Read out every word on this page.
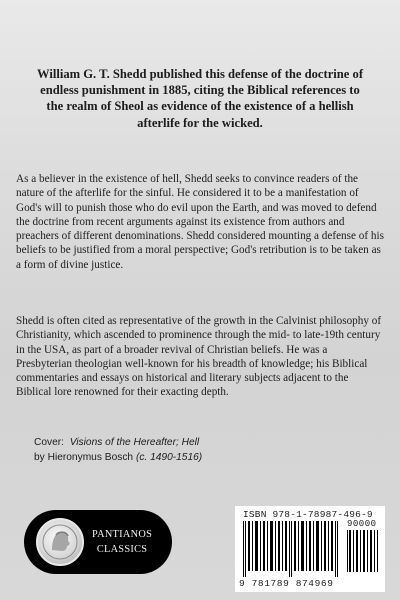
William G. T. Shedd published this defense of the doctrine of endless punishment in 1885, citing the Biblical references to the realm of Sheol as evidence of the existence of a hellish afterlife for the wicked.

As a believer in the existence of hell, Shedd seeks to convince readers of the nature of the afterlife for the sinful. He considered it to be a manifestation of God's will to punish those who do evil upon the Earth, and was moved to defend the doctrine from recent arguments against its existence from authors and preachers of different denominations. Shedd considered mounting a defense of his beliefs to be justified from a moral perspective; God's retribution is to be taken as a form of divine justice.

Shedd is often cited as representative of the growth in the Calvinist philosophy of Christianity, which ascended to prominence through the mid- to late-19th century in the USA, as part of a broader revival of Christian beliefs. He was a Presbyterian theologian well-known for his breadth of knowledge; his Biblical commentaries and essays on historical and literary subjects adjacent to the Biblical lore renowned for their exacting depth.

Cover: Visions of the Hereafter; Hell
by Hieronymus Bosch (c. 1490-1516)
PANTIANOS
CLASSICS
ISBN 978-1-78987-496-9
90000
9 781789 874969
